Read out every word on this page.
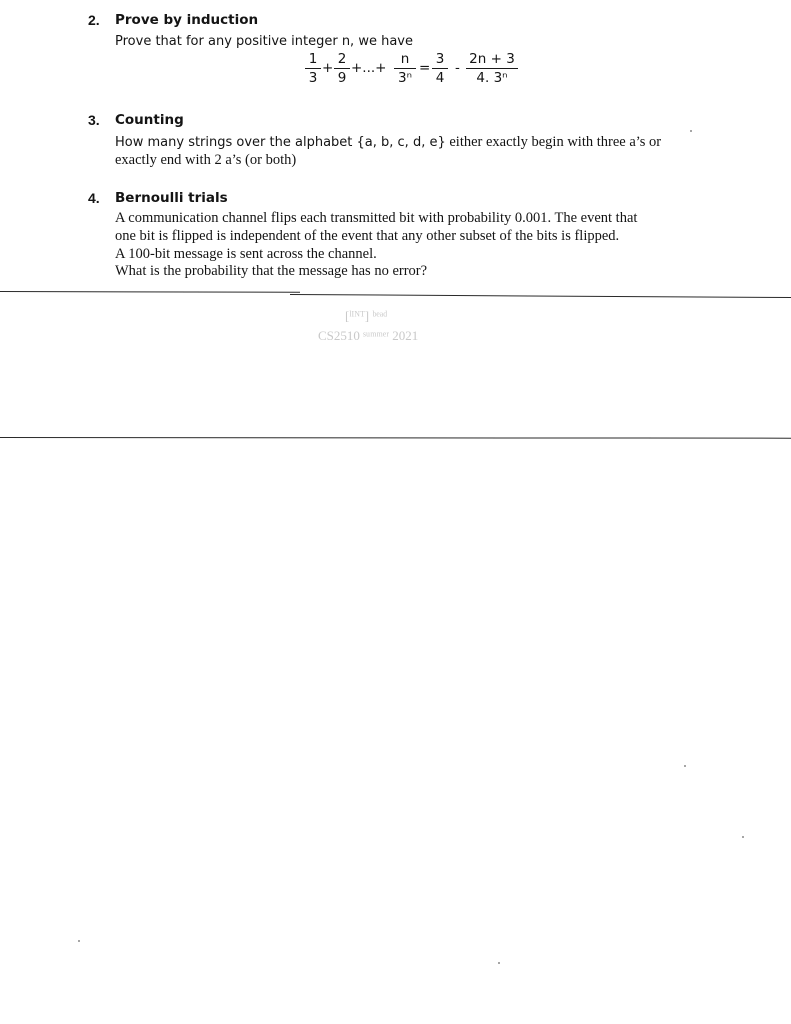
2. Prove by induction
Prove that for any positive integer n, we have
1
3
+
2
9
+...+
n
3ⁿ
=
3
4
-
2n + 3
4. 3ⁿ
3. Counting
How many strings over the alphabet {a, b, c, d, e} either exactly begin with three a’s or
exactly end with 2 a’s (or both)
4. Bernoulli trials
A communication channel flips each transmitted bit with probability 0.001. The event that
one bit is flipped is independent of the event that any other subset of the bits is flipped.
A 100-bit message is sent across the channel.
What is the probability that the message has no error?
[ˡᴵᴺᵀ] ᵇᵉᵃᵈ
CS2510 ˢᵘᵐᵐᵉʳ 2021
